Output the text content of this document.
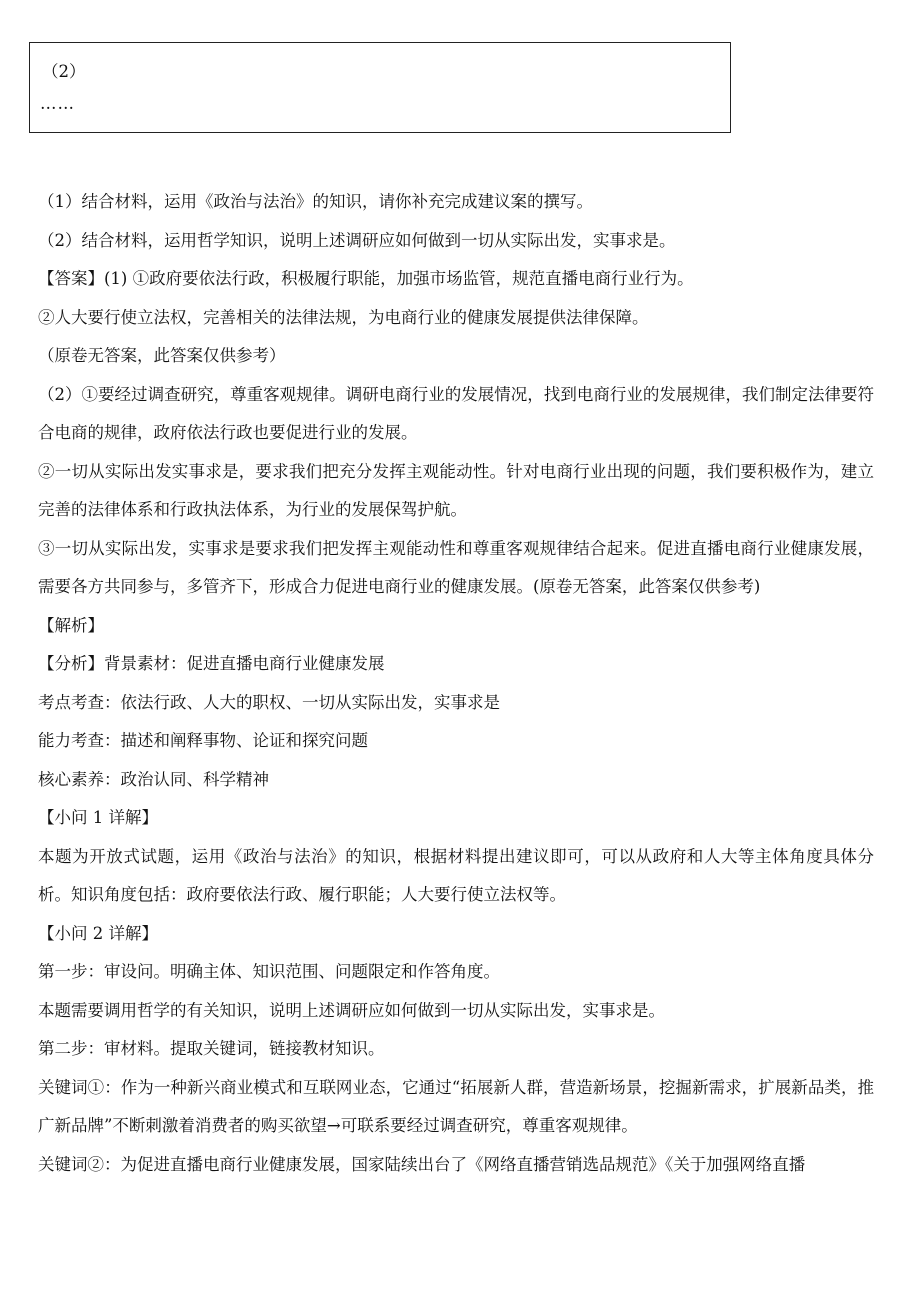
（2）
……

（1）结合材料，运用《政治与法治》的知识，请你补充完成建议案的撰写。

（2）结合材料，运用哲学知识，说明上述调研应如何做到一切从实际出发，实事求是。

【答案】(1) ①政府要依法行政，积极履行职能，加强市场监管，规范直播电商行业行为。

②人大要行使立法权，完善相关的法律法规，为电商行业的健康发展提供法律保障。

（原卷无答案，此答案仅供参考）

（2）①要经过调查研究，尊重客观规律。调研电商行业的发展情况，找到电商行业的发展规律，我们制定法律要符合电商的规律，政府依法行政也要促进行业的发展。

②一切从实际出发实事求是，要求我们把充分发挥主观能动性。针对电商行业出现的问题，我们要积极作为，建立完善的法律体系和行政执法体系，为行业的发展保驾护航。

③一切从实际出发，实事求是要求我们把发挥主观能动性和尊重客观规律结合起来。促进直播电商行业健康发展，需要各方共同参与，多管齐下，形成合力促进电商行业的健康发展。(原卷无答案，此答案仅供参考)

【解析】

【分析】背景素材：促进直播电商行业健康发展

考点考查：依法行政、人大的职权、一切从实际出发，实事求是

能力考查：描述和阐释事物、论证和探究问题

核心素养：政治认同、科学精神

【小问 1 详解】

本题为开放式试题，运用《政治与法治》的知识，根据材料提出建议即可，可以从政府和人大等主体角度具体分析。知识角度包括：政府要依法行政、履行职能；人大要行使立法权等。

【小问 2 详解】

第一步：审设问。明确主体、知识范围、问题限定和作答角度。

本题需要调用哲学的有关知识，说明上述调研应如何做到一切从实际出发，实事求是。

第二步：审材料。提取关键词，链接教材知识。

关键词①：作为一种新兴商业模式和互联网业态，它通过“拓展新人群，营造新场景，挖掘新需求，扩展新品类，推广新品牌”不断刺激着消费者的购买欲望→可联系要经过调查研究，尊重客观规律。

关键词②：为促进直播电商行业健康发展，国家陆续出台了《网络直播营销选品规范》《关于加强网络直播
